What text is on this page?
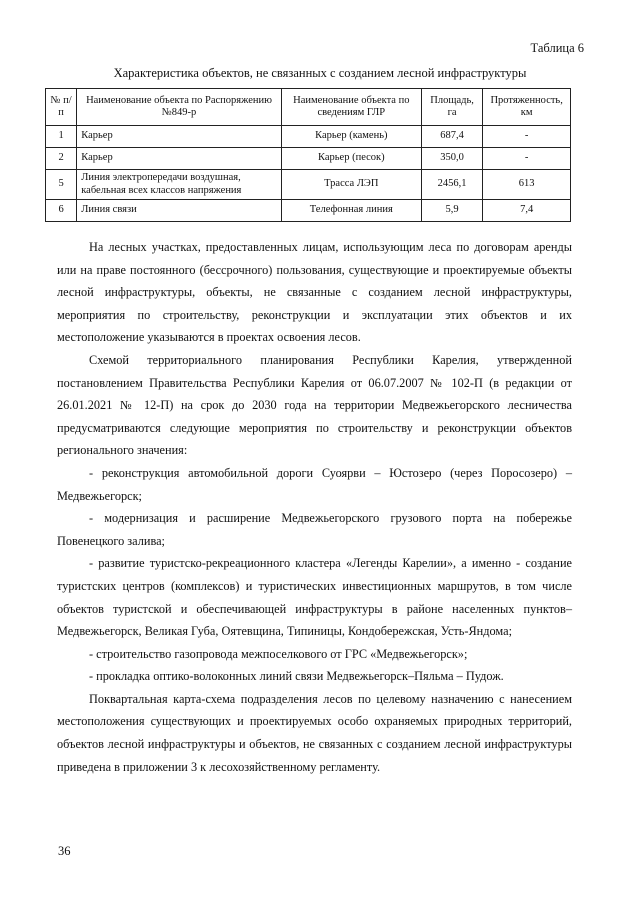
Таблица 6
Характеристика объектов, не связанных с созданием лесной инфраструктуры
№ п/п	Наименование объекта по Распоряжению №849-р	Наименование объекта по сведениям ГЛР	Площадь, га	Протяженность, км
1	Карьер	Карьер (камень)	687,4	-
2	Карьер	Карьер (песок)	350,0	-
5	Линия электропередачи воздушная, кабельная всех классов напряжения	Трасса ЛЭП	2456,1	613
6	Линия связи	Телефонная линия	5,9	7,4

На лесных участках, предоставленных лицам, использующим леса по договорам аренды или на праве постоянного (бессрочного) пользования, существующие и проектируемые объекты лесной инфраструктуры, объекты, не связанные с созданием лесной инфраструктуры, мероприятия по строительству, реконструкции и эксплуатации этих объектов и их местоположение указываются в проектах освоения лесов.

Схемой территориального планирования Республики Карелия, утвержденной постановлением Правительства Республики Карелия от 06.07.2007 № 102-П (в редакции от 26.01.2021 № 12-П) на срок до 2030 года на территории Медвежьегорского лесничества предусматриваются следующие мероприятия по строительству и реконструкции объектов регионального значения:

- реконструкция автомобильной дороги Суоярви – Юстозеро (через Поросозеро) – Медвежьегорск;

- модернизация и расширение Медвежьегорского грузового порта на побережье Повенецкого залива;

- развитие туристско-рекреационного кластера «Легенды Карелии», а именно - создание туристских центров (комплексов) и туристических инвестиционных маршрутов, в том числе объектов туристской и обеспечивающей инфраструктуры в районе населенных пунктов–Медвежьегорск, Великая Губа, Оятевщина, Типиницы, Кондобережская, Усть-Яндома;

- строительство газопровода межпоселкового от ГРС «Медвежьегорск»;

- прокладка оптико-волоконных линий связи Медвежьегорск–Пяльма – Пудож.

Поквартальная карта-схема подразделения лесов по целевому назначению с нанесением местоположения существующих и проектируемых особо охраняемых природных территорий, объектов лесной инфраструктуры и объектов, не связанных с созданием лесной инфраструктуры приведена в приложении 3 к лесохозяйственному регламенту.

36
